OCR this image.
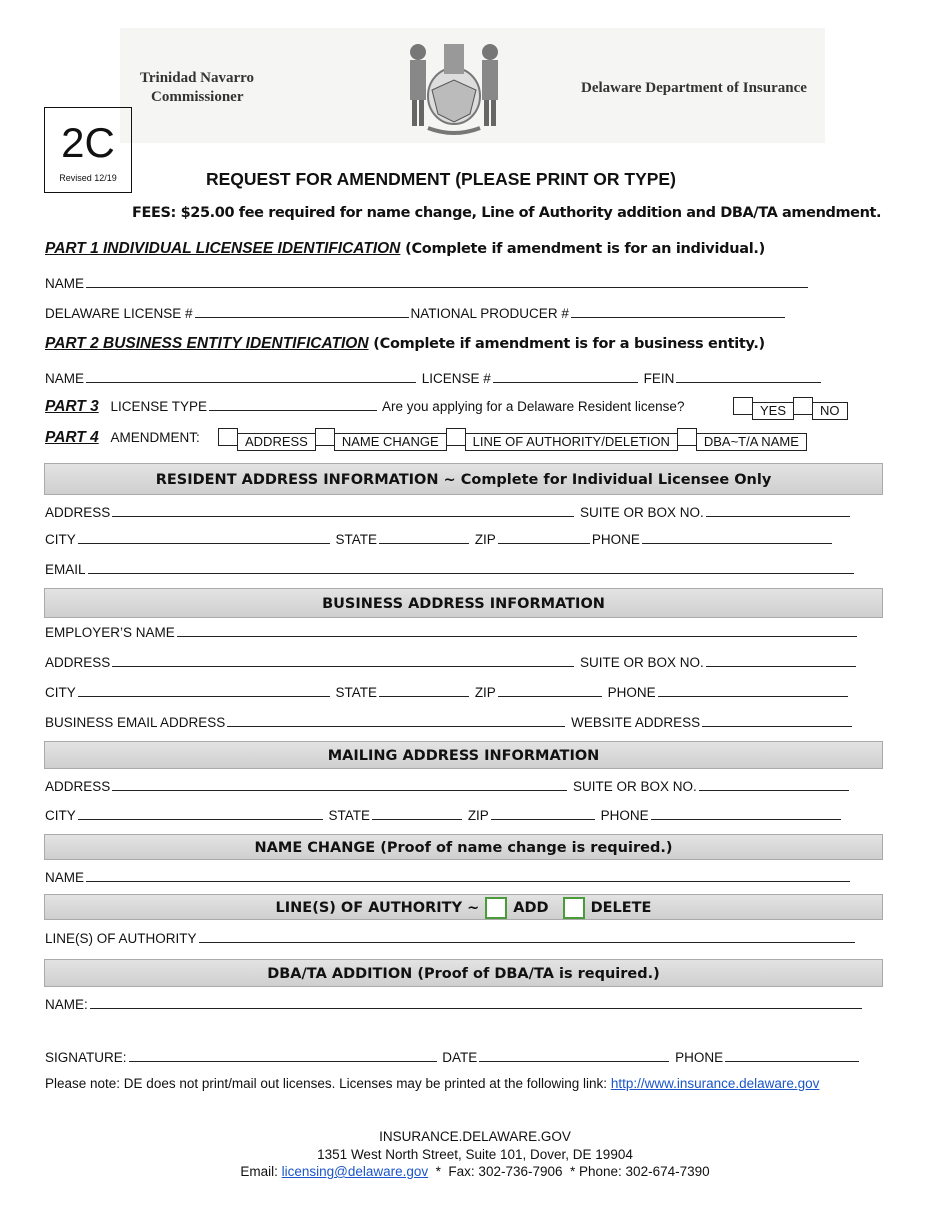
Trinidad Navarro
Commissioner
Delaware Department of Insurance
2C
Revised 12/19	REQUEST FOR AMENDMENT (PLEASE PRINT OR TYPE)
FEES: $25.00 fee required for name change, Line of Authority addition and DBA/TA amendment.
PART 1 INDIVIDUAL LICENSEE IDENTIFICATION (Complete if amendment is for an individual.)
NAME
DELAWARE LICENSE #	NATIONAL PRODUCER #
PART 2 BUSINESS ENTITY IDENTIFICATION (Complete if amendment is for a business entity.)
NAME	LICENSE #	FEIN
PART 3 LICENSE TYPE	Are you applying for a Delaware Resident license?	YES	NO
PART 4 AMENDMENT:	ADDRESS	NAME CHANGE	LINE OF AUTHORITY/DELETION	DBA~T/A NAME
RESIDENT ADDRESS INFORMATION ~ Complete for Individual Licensee Only
ADDRESS	SUITE OR BOX NO.
CITY	STATE	ZIP	PHONE
EMAIL
BUSINESS ADDRESS INFORMATION
EMPLOYER’S NAME
ADDRESS	SUITE OR BOX NO.
CITY	STATE	ZIP	PHONE
BUSINESS EMAIL ADDRESS	WEBSITE ADDRESS
MAILING ADDRESS INFORMATION
ADDRESS	SUITE OR BOX NO.
CITY	STATE	ZIP	PHONE
NAME CHANGE (Proof of name change is required.)
NAME
LINE(S) OF AUTHORITY ~ ADD	DELETE
LINE(S) OF AUTHORITY
DBA/TA ADDITION (Proof of DBA/TA is required.)
NAME:
SIGNATURE:	DATE	PHONE
Please note: DE does not print/mail out licenses. Licenses may be printed at the following link: http://www.insurance.delaware.gov
INSURANCE.DELAWARE.GOV
1351 West North Street, Suite 101, Dover, DE 19904
Email: licensing@delaware.gov  *  Fax: 302-736-7906  * Phone: 302-674-7390
